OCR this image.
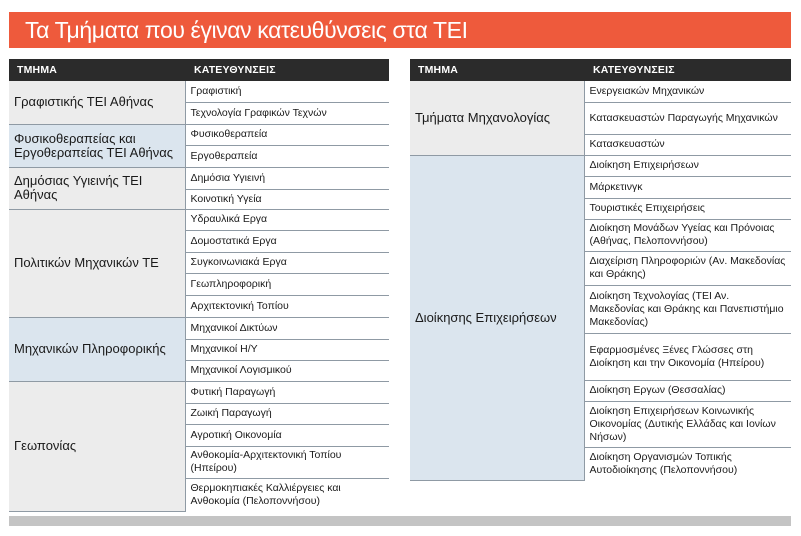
Τα Τμήματα που έγιναν κατευθύνσεις στα ΤΕΙ
ΤΜΗΜΑ	ΚΑΤΕΥΘΥΝΣΕΙΣ
Γραφιστικής ΤΕΙ Αθήνας	Γραφιστική
	Τεχνολογία Γραφικών Τεχνών
Φυσικοθεραπείας και Εργοθεραπείας ΤΕΙ Αθήνας	Φυσικοθεραπεία
	Εργοθεραπεία
Δημόσιας Υγιεινής ΤΕΙ Αθήνας	Δημόσια Υγιεινή
	Κοινοτική Υγεία
Πολιτικών Μηχανικών ΤΕ	Υδραυλικά Εργα
	Δομοστατικά Εργα
	Συγκοινωνιακά Εργα
	Γεωπληροφορική
	Αρχιτεκτονική Τοπίου
Μηχανικών Πληροφορικής	Μηχανικοί Δικτύων
	Μηχανικοί Η/Υ
	Μηχανικοί Λογισμικού
Γεωπονίας	Φυτική Παραγωγή
	Ζωική Παραγωγή
	Αγροτική Οικονομία
	Ανθοκομία-Αρχιτεκτονική Τοπίου (Ηπείρου)
	Θερμοκηπιακές Καλλιέργειες και Ανθοκομία (Πελοποννήσου)
ΤΜΗΜΑ	ΚΑΤΕΥΘΥΝΣΕΙΣ
Τμήματα Μηχανολογίας	Ενεργειακών Μηχανικών
	Κατασκευαστών Παραγωγής Μηχανικών
	Κατασκευαστών
Διοίκησης Επιχειρήσεων	Διοίκηση Επιχειρήσεων
	Μάρκετινγκ
	Τουριστικές Επιχειρήσεις
	Διοίκηση Μονάδων Υγείας και Πρόνοιας (Αθήνας, Πελοποννήσου)
	Διαχείριση Πληροφοριών (Αν. Μακεδονίας και Θράκης)
	Διοίκηση Τεχνολογίας (ΤΕΙ Αν. Μακεδονίας και Θράκης και Πανεπιστήμιο Μακεδονίας)
	Εφαρμοσμένες Ξένες Γλώσσες στη Διοίκηση και την Οικονομία (Ηπείρου)
	Διοίκηση Εργων (Θεσσαλίας)
	Διοίκηση Επιχειρήσεων Κοινωνικής Οικονομίας (Δυτικής Ελλάδας και Ιονίων Νήσων)
	Διοίκηση Οργανισμών Τοπικής Αυτοδιοίκησης (Πελοποννήσου)
